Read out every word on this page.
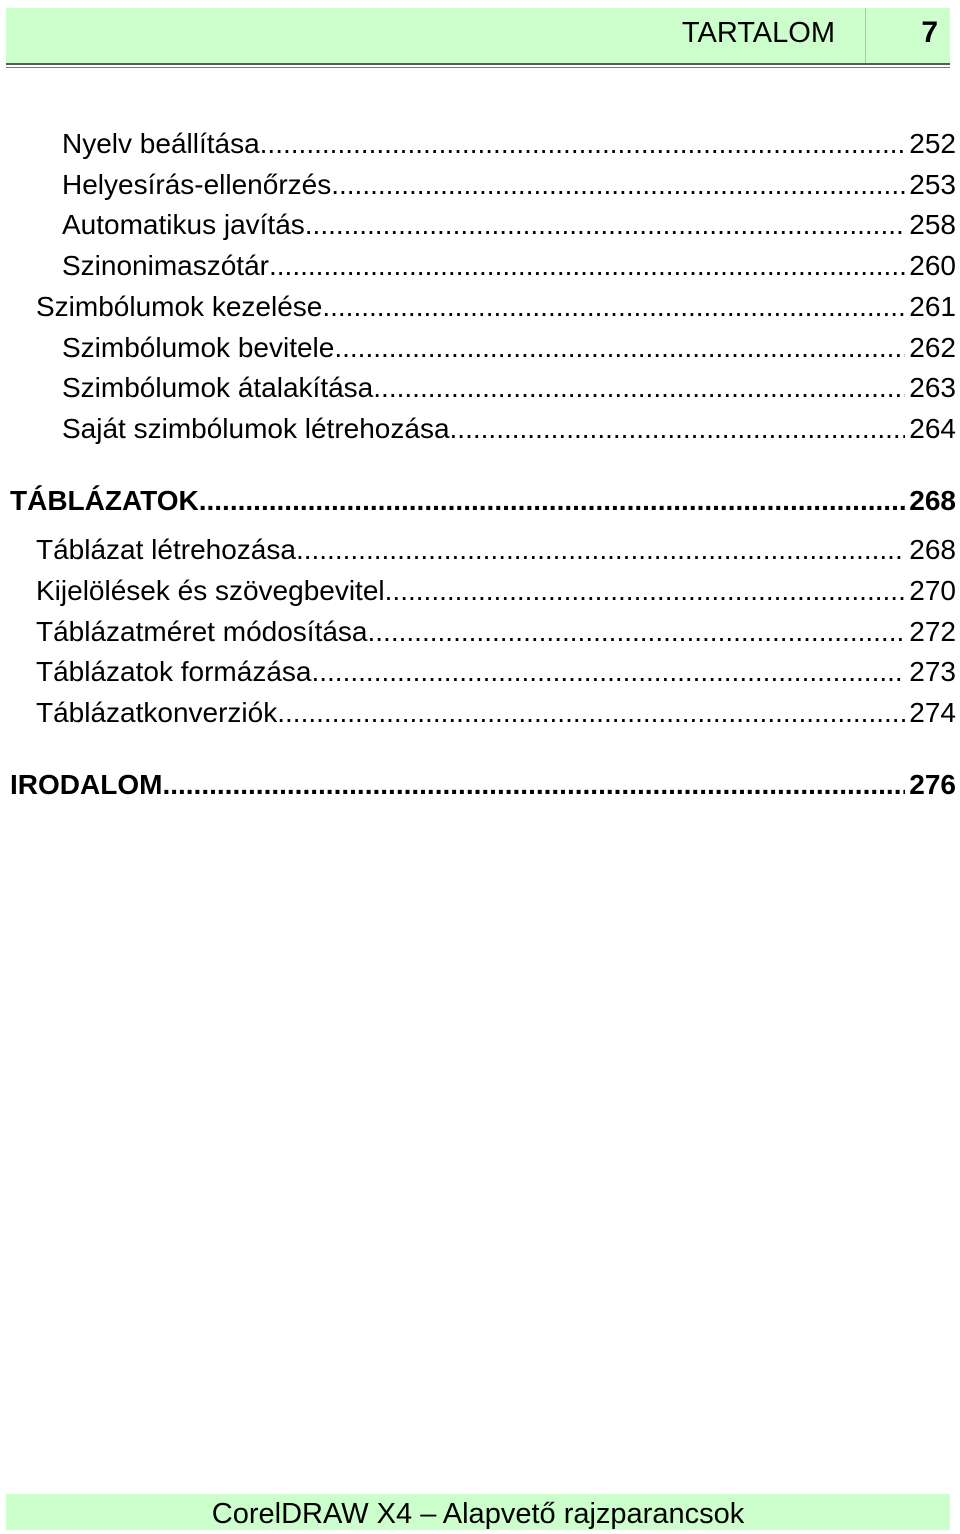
TARTALOM	7
Nyelv beállítása .....	252
Helyesírás-ellenőrzés .....	253
Automatikus javítás .....	258
Szinonimaszótár .....	260
Szimbólumok kezelése .....	261
Szimbólumok bevitele .....	262
Szimbólumok átalakítása .....	263
Saját szimbólumok létrehozása .....	264
TÁBLÁZATOK .....	268
Táblázat létrehozása .....	268
Kijelölések és szövegbevitel .....	270
Táblázatméret módosítása .....	272
Táblázatok formázása .....	273
Táblázatkonverziók .....	274
IRODALOM .....	276
CorelDRAW X4 – Alapvető rajzparancsok
